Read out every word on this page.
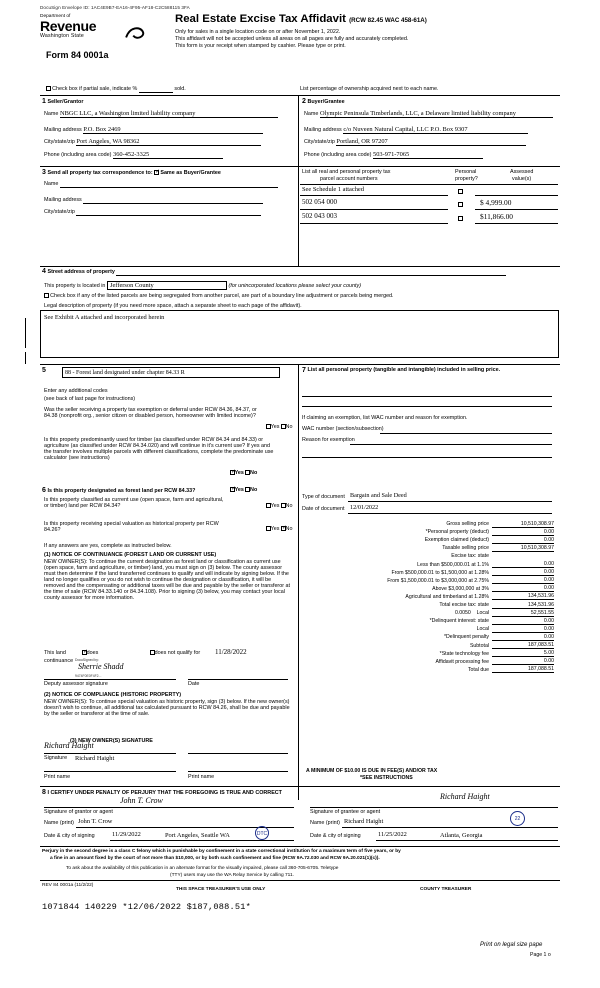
DocuSign Envelope ID: 1AC4E9B7-EA16-4F95-AF18-C2C588115 3FA
Department of
Revenue
Washington State
Real Estate Excise Tax Affidavit (RCW 82.45 WAC 458-61A)
Only for sales in a single location code on or after November 1, 2022.
This affidavit will not be accepted unless all areas on all pages are fully and accurately completed.
This form is your receipt when stamped by cashier. Please type or print.
Form 84 0001a
Check box if partial sale, indicate %	sold.	List percentage of ownership acquired next to each name.
1 Seller/Grantor
Name NBGC LLC, a Washington limited liability company
Mailing address P.O. Box 2469
City/state/zip Port Angeles, WA 98362
Phone (including area code) 360-452-3325
2 Buyer/Grantee
Name Olympic Peninsula Timberlands, LLC, a Delaware limited liability company
Mailing address c/o Nuveen Natural Capital, LLC P.O. Box 9307
City/state/zip Portland, OR 97207
Phone (including area code) 503-971-7065
3 Send all property tax correspondence to: ✓ Same as Buyer/Grantee
Name
Mailing address
City/state/zip
List all real and personal property tax
parcel account numbers
Personal
property?
Assessed
value(s)
See Schedule 1 attached
502 054 000	$ 4,999.00
502 043 003	$11,866.00
4 Street address of property
This property is located in Jefferson County	(for unincorporated locations please select your county)
Check box if any of the listed parcels are being segregated from another parcel, are part of a boundary line adjustment or parcels being merged.
Legal description of property (if you need more space, attach a separate sheet to each page of the affidavit).
See Exhibit A attached and incorporated herein
5	88 - Forest land designated under chapter 84.33 R
Enter any additional codes
(see back of last page for instructions)
Was the seller receiving a property tax exemption or deferral under RCW 84.36, 84.37, or 84.38 (nonprofit org., senior citizen or disabled person, homeowner with limited income)?
Yes No
Is this property predominantly used for timber (as classified under RCW 84.34 and 84.33) or agriculture (as classified under RCW 84.34.020) and will continue in it's current use? If yes and the transfer involves multiple parcels with different classifications, complete the predominate use calculator (see instructions)
✓Yes No
6 Is this property designated as forest land per RCW 84.33? ✓	Yes No
Is this property classified as current use (open space, farm and agricultural, or timber) land per RCW 84.34?	Yes No
Is this property receiving special valuation as historical property per RCW 84.26?	Yes ✓ No
If any answers are yes, complete as instructed below.
(1) NOTICE OF CONTINUANCE (FOREST LAND OR CURRENT USE)
NEW OWNER(S): To continue the current designation as forest land or classification as current use (open space, farm and agriculture, or timber) land, you must sign on (3) below. The county assessor must then determine if the land transferred continues to qualify and will indicate by signing below. If the land no longer qualifies or you do not wish to continue the designation or classification, it will be removed and the compensating or additional taxes will be due and payable by the seller or transferor at the time of sale (RCW 84.33.140 or 84.34.108). Prior to signing (3) below, you may contact your local county assessor for more information.
This land ✓	does	does not qualify for
continuance
11/28/2022
DocuSigned by:
Sherrie Shadd
9474F0E0F4F2...
Deputy assessor signature	Date
(2) NOTICE OF COMPLIANCE (HISTORIC PROPERTY)
NEW OWNER(S): To continue special valuation as historic property, sign (3) below. If the new owner(s) doesn't wish to continue, all additional tax calculated pursuant to RCW 84.26, shall be due and payable by the seller or transferor at the time of sale.
(3) NEW OWNER(S) SIGNATURE
Richard Haight
Signature Richard Haight
Print name	Print name
7 List all personal property (tangible and intangible) included in selling price.
If claiming an exemption, list WAC number and reason for exemption.
WAC number (section/subsection)
Reason for exemption
Type of document Bargain and Sale Deed
Date of document 12/01/2022
Gross selling price	10,510,308.97
*Personal property (deduct)	0.00
Exemption claimed (deduct)	0.00
Taxable selling price	10,510,308.97
Excise tax: state	
Less than $500,000.01 at 1.1%	0.00
From $500,000.01 to $1,500,000 at 1.28%	0.00
From $1,500,000.01 to $3,000,000 at 2.75%	0.00
Above $3,000,000 at 3%	0.00
Agricultural and timberland at 1.28%	134,531.96
Total excise tax: state	134,531.96
0.0050 Local	52,551.55
*Delinquent interest: state	0.00
Local	0.00
*Delinquent penalty	0.00
Subtotal	187,083.51
*State technology fee	5.00
Affidavit processing fee	0.00
Total due	187,088.51
A MINIMUM OF $10.00 IS DUE IN FEE(S) AND/OR TAX
*SEE INSTRUCTIONS
8 I CERTIFY UNDER PENALTY OF PERJURY THAT THE FOREGOING IS TRUE AND CORRECT
John T. Crow	Richard Haight
Signature of grantor or agent	Signature of grantee or agent
Name (print) John T. Crow	Name (print) Richard Haight
Date & city of signing	11/29/2022	Port Angeles, Seattle WA	Date & city of signing	11/25/2022	Atlanta, Georgia
DTC
22
Perjury in the second degree is a class C felony which is punishable by confinement in a state correctional institution for a maximum term of five years, or by
a fine in an amount fixed by the court of not more than $10,000, or by both such confinement and fine (RCW 9A.72.030 and RCW 9A.20.021(1)(c)).
To ask about the availability of this publication in an alternate format for the visually impaired, please call 360-705-6705. Teletype
(TTY) users may use the WA Relay Service by calling 711.
REV 84 0001a (11/2/22)
THIS SPACE TREASURER'S USE ONLY	COUNTY TREASURER
1071844 140229 *12/06/2022 $187,088.51*
Print on legal size pape
Page 1 o
